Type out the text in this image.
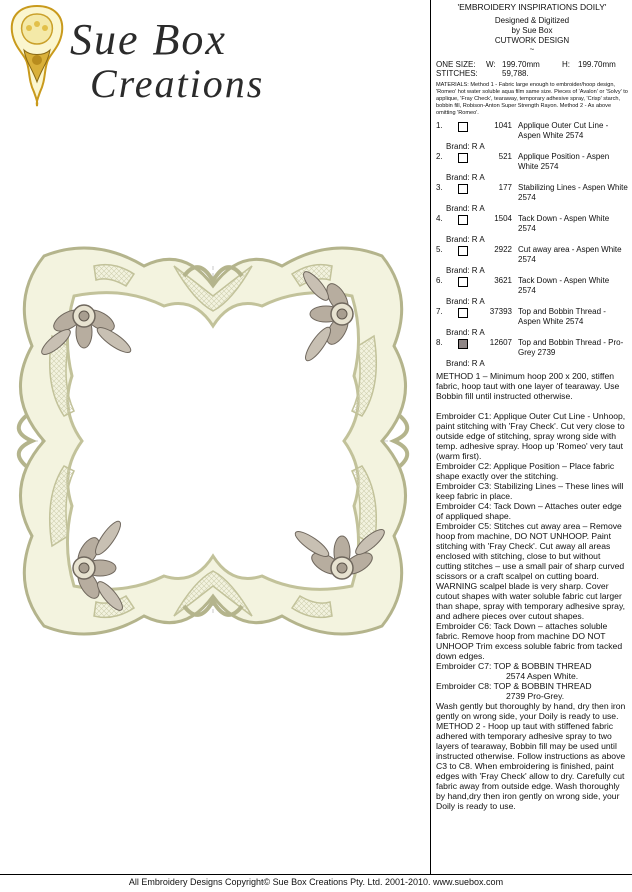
Sue Box
Creations
'EMBROIDERY INSPIRATIONS DOILY'
Designed & Digitized
by Sue Box
CUTWORK DESIGN
~
ONE SIZE:	W: 199.70mm	H:	199.70mm
STITCHES:	59,788.
MATERIALS: Method 1 - Fabric large enough to embroider/hoop design, 'Romeo' hot water soluble aqua film same size. Pieces of 'Avalon' or 'Solvy' to applique, 'Fray Check', tearaway, temporary adhesive spray, 'Crisp' starch, bobbin fill, Robison-Anton Super Strength Rayon. Method 2 - As above omitting 'Romeo'.
1.	1041 Applique Outer Cut Line - Aspen White 2574
Brand: R A
2.	521 Applique Position - Aspen White 2574
Brand: R A
3.	177 Stabilizing Lines - Aspen White 2574
Brand: R A
4.	1504 Tack Down - Aspen White 2574
Brand: R A
5.	2922 Cut away area - Aspen White 2574
Brand: R A
6.	3621 Tack Down - Aspen White 2574
Brand: R A
7.	37393 Top and Bobbin Thread - Aspen White 2574
Brand: R A
8.	12607 Top and Bobbin Thread - Pro-Grey 2739
Brand: R A
METHOD 1 – Minimum hoop 200 x 200, stiffen fabric, hoop taut with one layer of tearaway. Use Bobbin fill until instructed otherwise.

Embroider C1: Applique Outer Cut Line - Unhoop, paint stitching with 'Fray Check'. Cut very close to outside edge of stitching, spray wrong side with temp. adhesive spray. Hoop up 'Romeo' very taut (warm first).

Embroider C2: Applique Position – Place fabric shape exactly over the stitching.

Embroider C3: Stabilizing Lines – These lines will keep fabric in place.

Embroider C4: Tack Down – Attaches outer edge of appliqued shape.

Embroider C5: Stitches cut away area – Remove hoop from machine, DO NOT UNHOOP. Paint stitching with 'Fray Check'. Cut away all areas enclosed with stitching, close to but without cutting stitches – use a small pair of sharp curved scissors or a craft scalpel on cutting board. WARNING scalpel blade is very sharp. Cover cutout shapes with water soluble fabric cut larger than shape, spray with temporary adhesive spray, and adhere pieces over cutout shapes.

Embroider C6: Tack Down – attaches soluble fabric. Remove hoop from machine DO NOT UNHOOP Trim excess soluble fabric from tacked down edges.

Embroider C7: TOP & BOBBIN THREAD

2574 Aspen White.

Embroider C8: TOP & BOBBIN THREAD

2739 Pro-Grey.

Wash gently but thoroughly by hand, dry then iron gently on wrong side, your Doily is ready to use.

METHOD 2 - Hoop up taut with stiffened fabric adhered with temporary adhesive spray to two layers of tearaway, Bobbin fill may be used until instructed otherwise. Follow instructions as above C3 to C8. When embroidering is finished, paint edges with 'Fray Check' allow to dry. Carefully cut fabric away from outside edge. Wash thoroughly by hand,dry then iron gently on wrong side, your Doily is ready to use.

All Embroidery Designs Copyright© Sue Box Creations Pty. Ltd. 2001-2010. www.suebox.com
